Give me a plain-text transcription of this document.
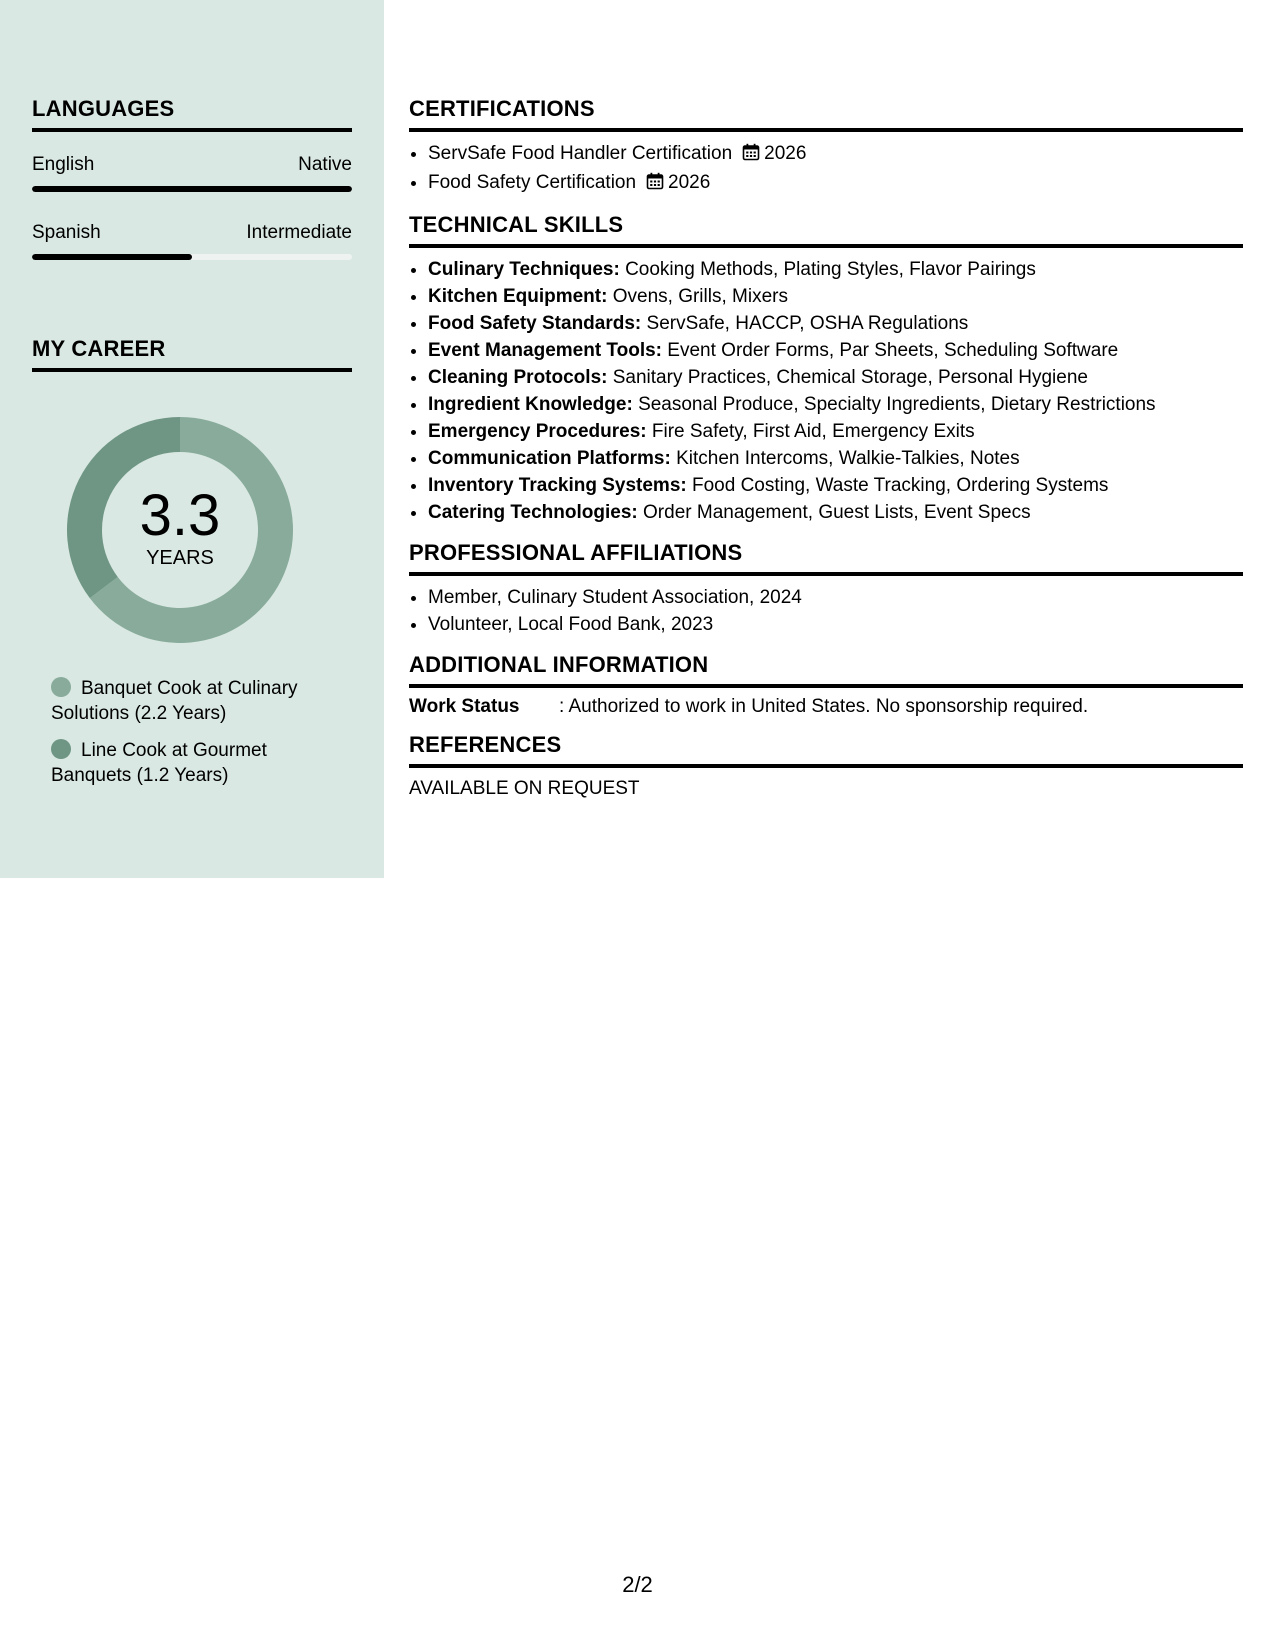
LANGUAGES
English	Native
Spanish	Intermediate
MY CAREER
3.3
YEARS
Banquet Cook at Culinary Solutions (2.2 Years)
Line Cook at Gourmet Banquets (1.2 Years)
CERTIFICATIONS
• ServSafe Food Handler Certification 2026
• Food Safety Certification 2026
TECHNICAL SKILLS
• Culinary Techniques: Cooking Methods, Plating Styles, Flavor Pairings
• Kitchen Equipment: Ovens, Grills, Mixers
• Food Safety Standards: ServSafe, HACCP, OSHA Regulations
• Event Management Tools: Event Order Forms, Par Sheets, Scheduling Software
• Cleaning Protocols: Sanitary Practices, Chemical Storage, Personal Hygiene
• Ingredient Knowledge: Seasonal Produce, Specialty Ingredients, Dietary Restrictions
• Emergency Procedures: Fire Safety, First Aid, Emergency Exits
• Communication Platforms: Kitchen Intercoms, Walkie-Talkies, Notes
• Inventory Tracking Systems: Food Costing, Waste Tracking, Ordering Systems
• Catering Technologies: Order Management, Guest Lists, Event Specs
PROFESSIONAL AFFILIATIONS
• Member, Culinary Student Association, 2024
• Volunteer, Local Food Bank, 2023
ADDITIONAL INFORMATION
Work Status	: Authorized to work in United States. No sponsorship required.
REFERENCES
AVAILABLE ON REQUEST
2/2
